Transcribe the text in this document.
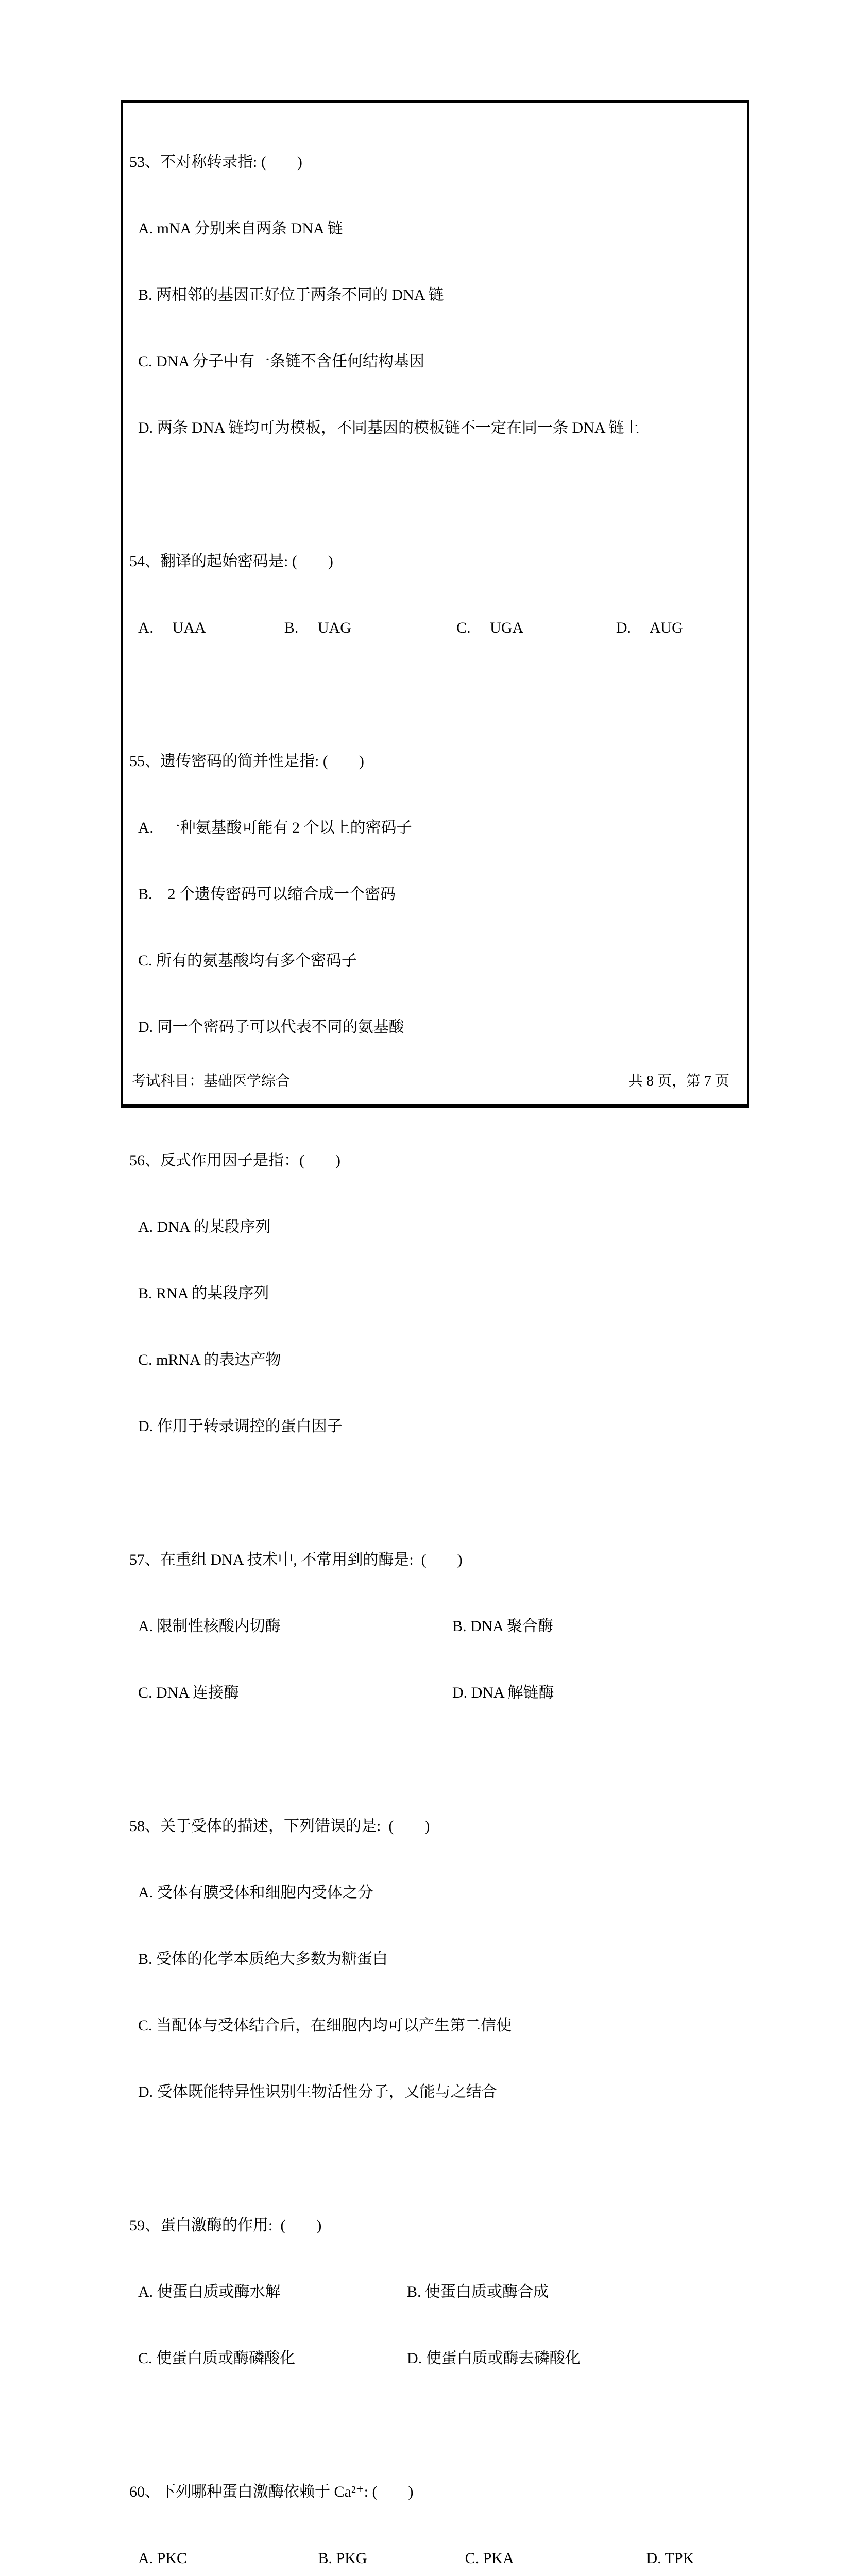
53、不对称转录指: (　　)

A. mNA 分别来自两条 DNA 链

B. 两相邻的基因正好位于两条不同的 DNA 链

C. DNA 分子中有一条链不含任何结构基因

D. 两条 DNA 链均可为模板，不同基因的模板链不一定在同一条 DNA 链上

54、翻译的起始密码是: (　　)

A．　UAA	B.　 UAG	C.　 UGA	D.　 AUG

55、遗传密码的简并性是指: (　　)

A．一种氨基酸可能有 2 个以上的密码子

B.　2 个遗传密码可以缩合成一个密码

C. 所有的氨基酸均有多个密码子

D. 同一个密码子可以代表不同的氨基酸

56、反式作用因子是指：(　　)

A. DNA 的某段序列

B. RNA 的某段序列

C. mRNA 的表达产物

D. 作用于转录调控的蛋白因子

57、在重组 DNA 技术中, 不常用到的酶是:  (　　)

A. 限制性核酸内切酶	B. DNA 聚合酶

C. DNA 连接酶	D. DNA 解链酶

58、关于受体的描述，下列错误的是:  (　　)

A. 受体有膜受体和细胞内受体之分

B. 受体的化学本质绝大多数为糖蛋白

C. 当配体与受体结合后，在细胞内均可以产生第二信使

D. 受体既能特异性识别生物活性分子，又能与之结合

59、蛋白激酶的作用:  (　　)

A. 使蛋白质或酶水解	B. 使蛋白质或酶合成

C. 使蛋白质或酶磷酸化	D. 使蛋白质或酶去磷酸化

60、下列哪种蛋白激酶依赖于 Ca²⁺: (　　)

A. PKC	B. PKG	C. PKA	D. TPK

考试科目：基础医学综合	共 8 页，第 7 页
